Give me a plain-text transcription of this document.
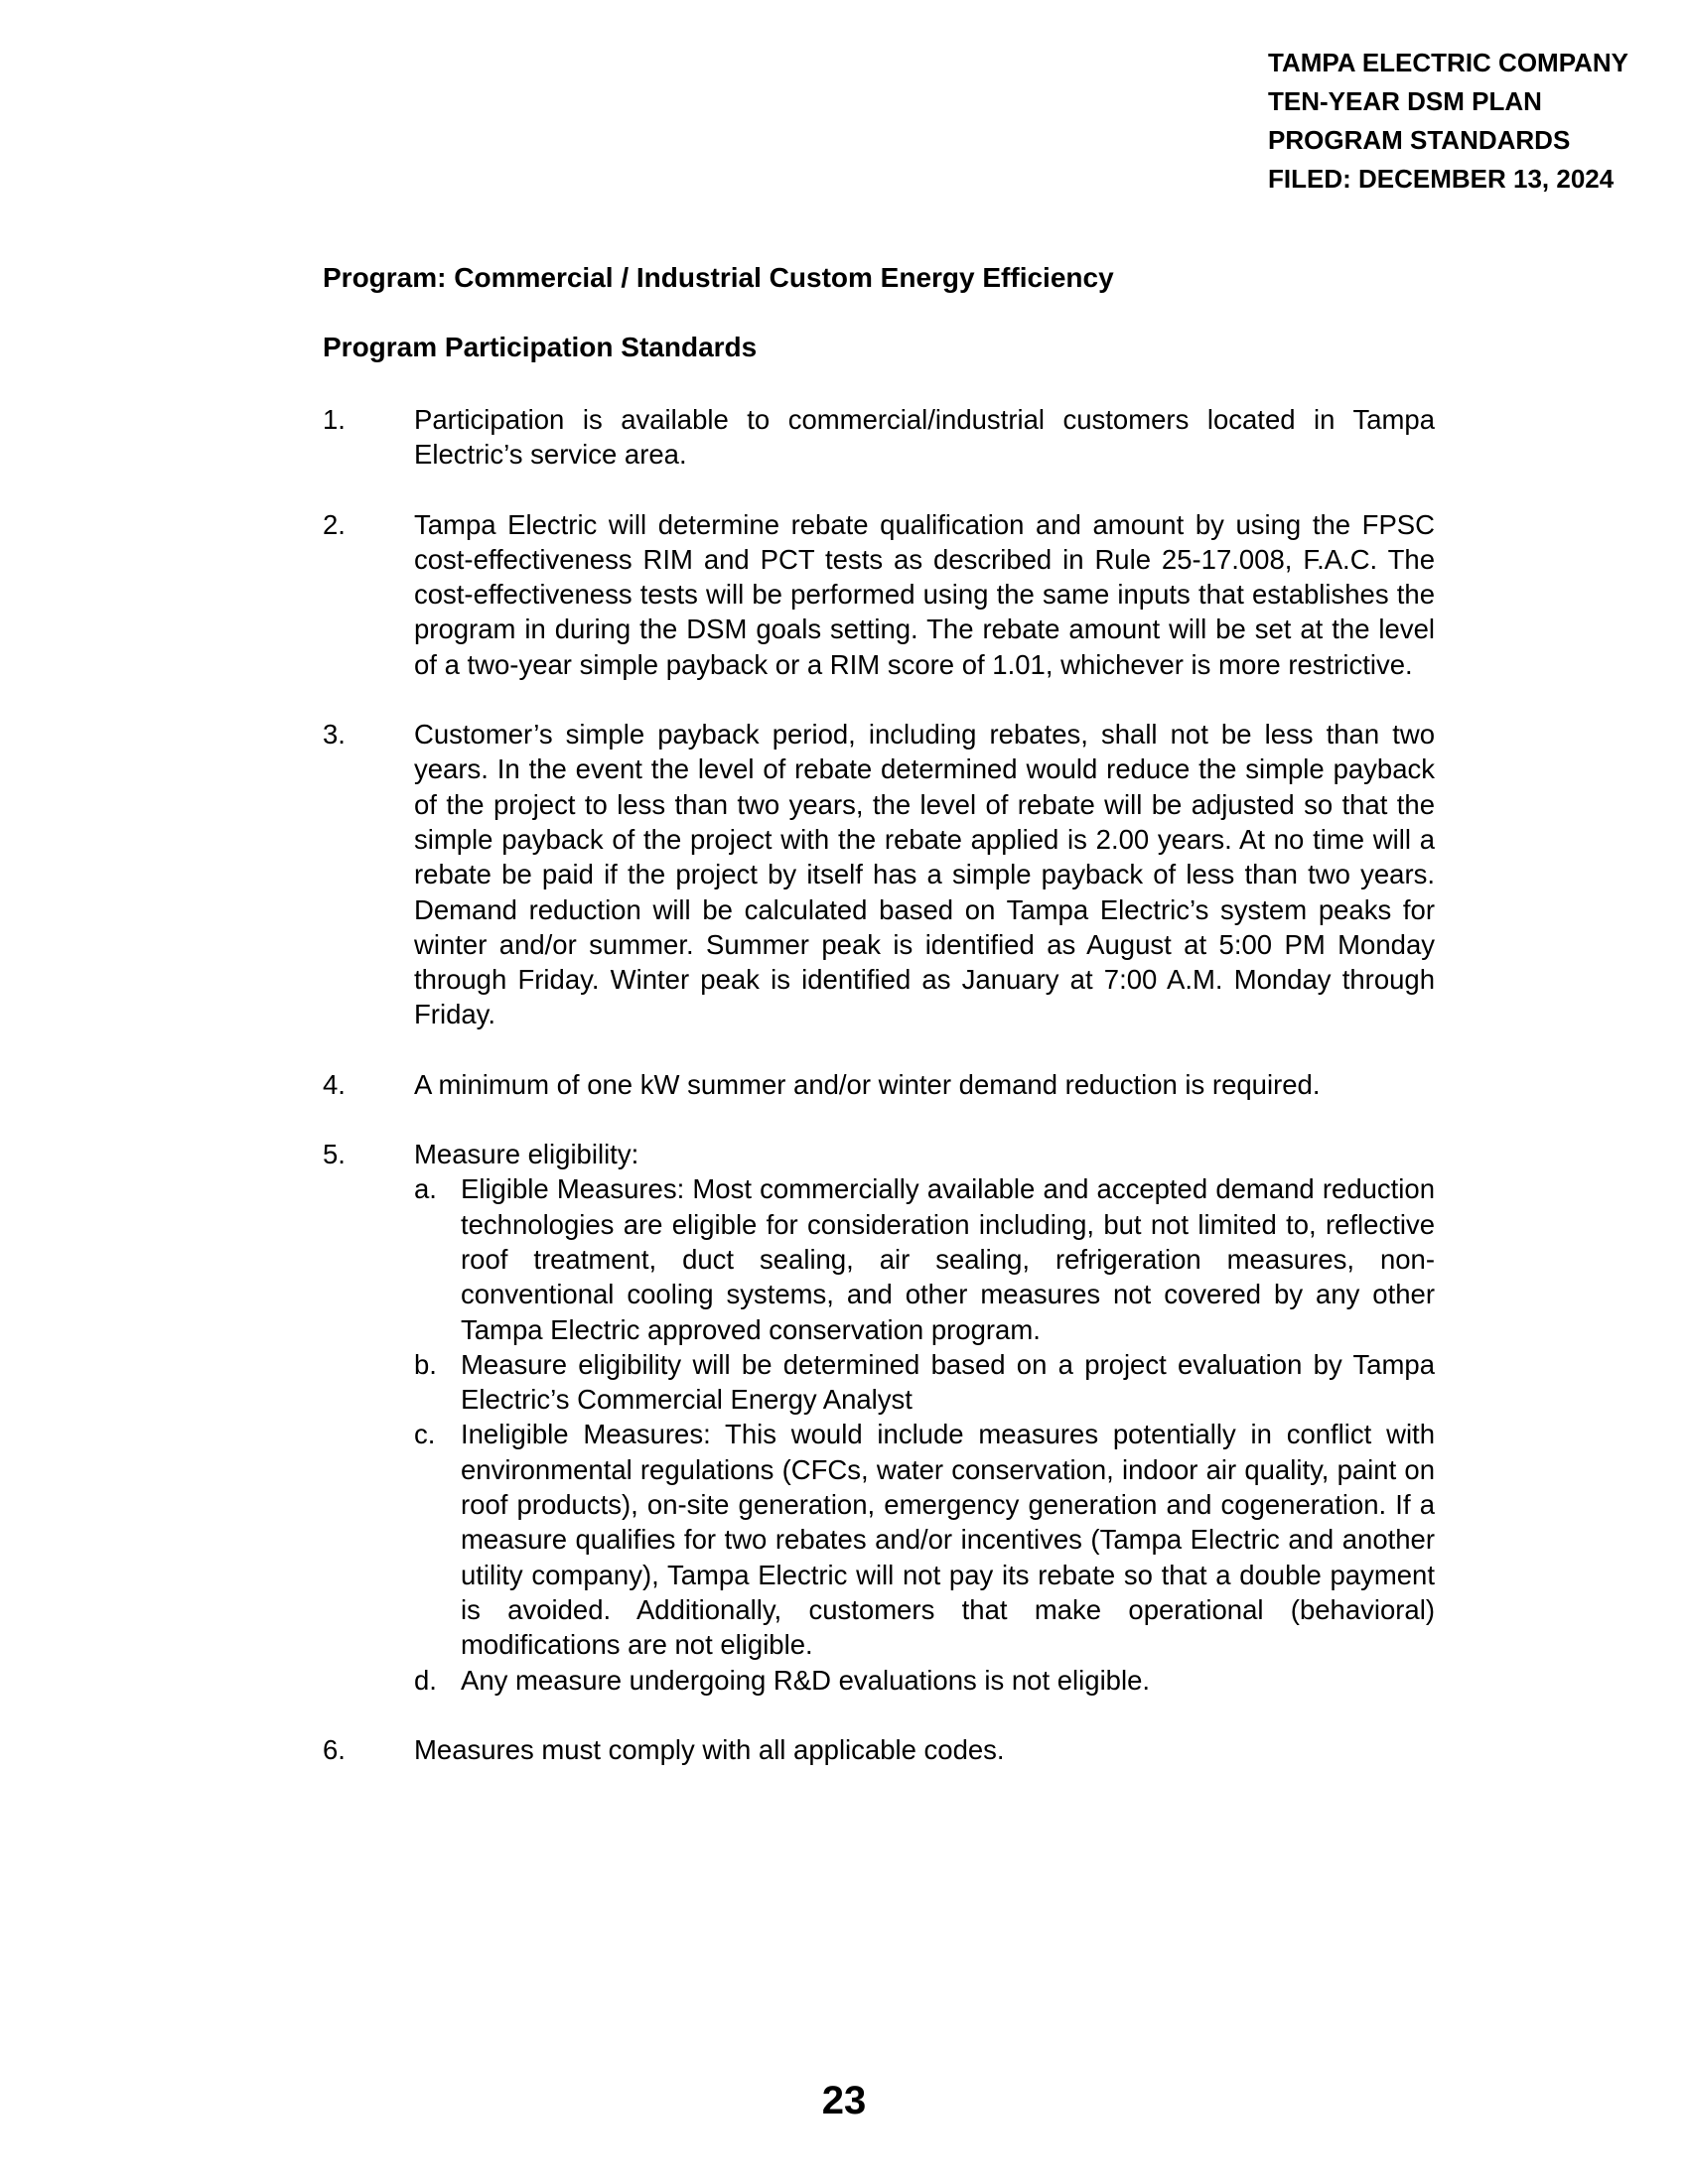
TAMPA ELECTRIC COMPANY
TEN-YEAR DSM PLAN
PROGRAM STANDARDS
FILED: DECEMBER 13, 2024
Program: Commercial / Industrial Custom Energy Efficiency
Program Participation Standards
1.	Participation is available to commercial/industrial customers located in Tampa Electric’s service area.
2.	Tampa Electric will determine rebate qualification and amount by using the FPSC cost-effectiveness RIM and PCT tests as described in Rule 25-17.008, F.A.C. The cost-effectiveness tests will be performed using the same inputs that establishes the program in during the DSM goals setting. The rebate amount will be set at the level of a two-year simple payback or a RIM score of 1.01, whichever is more restrictive.
3.	Customer’s simple payback period, including rebates, shall not be less than two years. In the event the level of rebate determined would reduce the simple payback of the project to less than two years, the level of rebate will be adjusted so that the simple payback of the project with the rebate applied is 2.00 years. At no time will a rebate be paid if the project by itself has a simple payback of less than two years. Demand reduction will be calculated based on Tampa Electric’s system peaks for winter and/or summer. Summer peak is identified as August at 5:00 PM Monday through Friday. Winter peak is identified as January at 7:00 A.M. Monday through Friday.
4.	A minimum of one kW summer and/or winter demand reduction is required.
5.	Measure eligibility:
a. Eligible Measures: Most commercially available and accepted demand reduction technologies are eligible for consideration including, but not limited to, reflective roof treatment, duct sealing, air sealing, refrigeration measures, non-conventional cooling systems, and other measures not covered by any other Tampa Electric approved conservation program.
b. Measure eligibility will be determined based on a project evaluation by Tampa Electric’s Commercial Energy Analyst
c. Ineligible Measures: This would include measures potentially in conflict with environmental regulations (CFCs, water conservation, indoor air quality, paint on roof products), on-site generation, emergency generation and cogeneration. If a measure qualifies for two rebates and/or incentives (Tampa Electric and another utility company), Tampa Electric will not pay its rebate so that a double payment is avoided. Additionally, customers that make operational (behavioral) modifications are not eligible.
d. Any measure undergoing R&D evaluations is not eligible.
6.	Measures must comply with all applicable codes.
23
